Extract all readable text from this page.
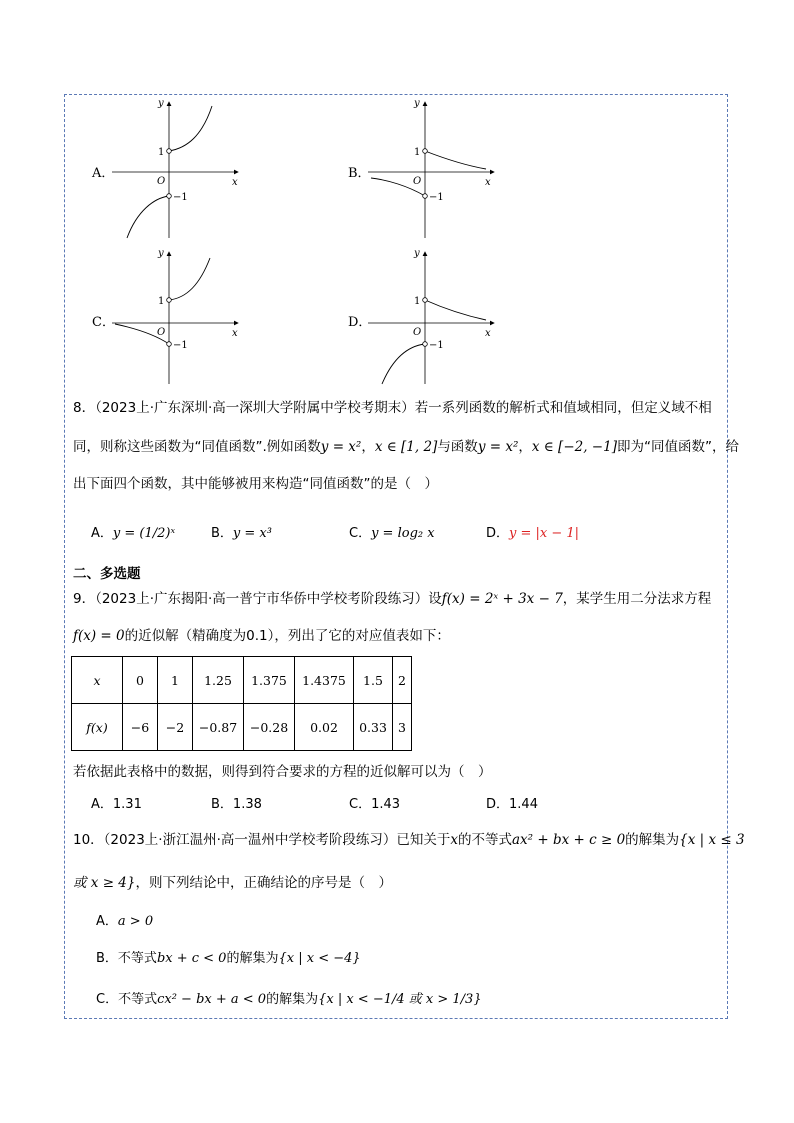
A．	B．
C．	D．
1
−1
O	x
y
1
−1
O	x
y
1
−1
O	x
y
1
−1
O	x
y
8．（2023上·广东深圳·高一深圳大学附属中学校考期末）若一系列函数的解析式和值域相同，但定义域不相
同，则称这些函数为“同值函数”.例如函数y = x²，x ∈ [1, 2]与函数y = x²，x ∈ [−2, −1]即为“同值函数”，给
出下面四个函数，其中能够被用来构造“同值函数”的是（　）
A．y = (1/2)ˣ	B．y = x³	C．y = log₂ x	D．y = |x − 1|
二、多选题
9．（2023上·广东揭阳·高一普宁市华侨中学校考阶段练习）设f(x) = 2ˣ + 3x − 7，某学生用二分法求方程
f(x) = 0的近似解（精确度为0.1），列出了它的对应值表如下：
x	0	1	1.25	1.375	1.4375	1.5	2
f(x)	−6	−2	−0.87	−0.28	0.02	0.33	3
若依据此表格中的数据，则得到符合要求的方程的近似解可以为（　）
A．1.31	B．1.38	C．1.43	D．1.44
10．（2023上·浙江温州·高一温州中学校考阶段练习）已知关于x的不等式ax² + bx + c ≥ 0的解集为{x | x ≤ 3
或 x ≥ 4}，则下列结论中，正确结论的序号是（　）
A．a > 0
B．不等式bx + c < 0的解集为{x | x < −4}
C．不等式cx² − bx + a < 0的解集为{x | x < −1/4 或 x > 1/3}
